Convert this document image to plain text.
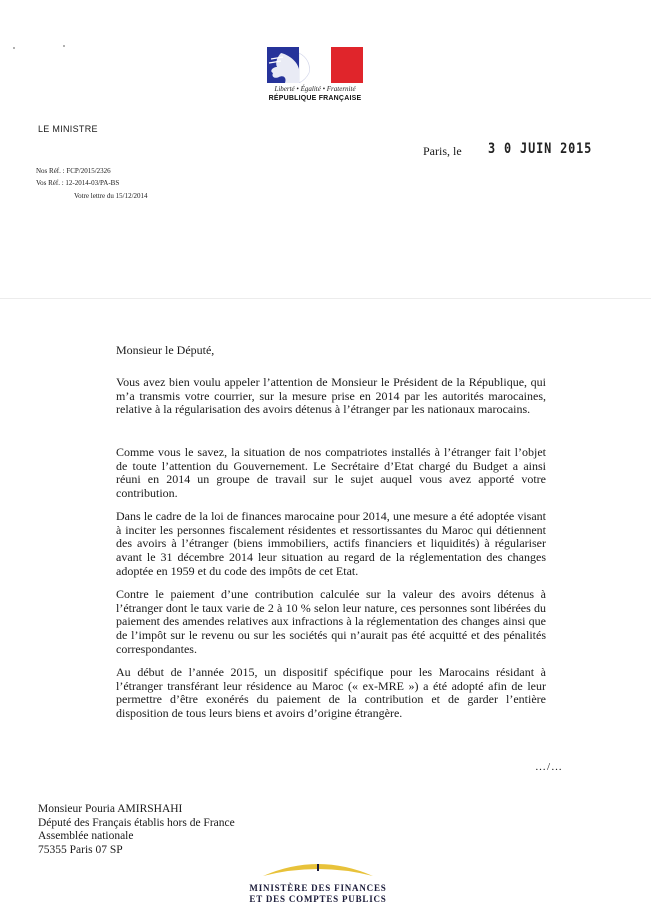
Liberté • Égalité • Fraternité
RÉPUBLIQUE FRANÇAISE
LE MINISTRE
Paris, le 3 0 JUIN 2015
Nos Réf. : FCP/2015/2326
Vos Réf. : 12-2014-03/PA-BS
Votre lettre du 15/12/2014
Monsieur le Député,
Vous avez bien voulu appeler l’attention de Monsieur le Président de la République, qui m’a transmis votre courrier, sur la mesure prise en 2014 par les autorités marocaines, relative à la régularisation des avoirs détenus à l’étranger par les nationaux marocains.
Comme vous le savez, la situation de nos compatriotes installés à l’étranger fait l’objet de toute l’attention du Gouvernement. Le Secrétaire d’Etat chargé du Budget a ainsi réuni en 2014 un groupe de travail sur le sujet auquel vous avez apporté votre contribution.
Dans le cadre de la loi de finances marocaine pour 2014, une mesure a été adoptée visant à inciter les personnes fiscalement résidentes et ressortissantes du Maroc qui détiennent des avoirs à l’étranger (biens immobiliers, actifs financiers et liquidités) à régulariser avant le 31 décembre 2014 leur situation au regard de la réglementation des changes adoptée en 1959 et du code des impôts de cet Etat.
Contre le paiement d’une contribution calculée sur la valeur des avoirs détenus à l’étranger dont le taux varie de 2 à 10 % selon leur nature, ces personnes sont libérées du paiement des amendes relatives aux infractions à la réglementation des changes ainsi que de l’impôt sur le revenu ou sur les sociétés qui n’aurait pas été acquitté et des pénalités correspondantes.
Au début de l’année 2015, un dispositif spécifique pour les Marocains résidant à l’étranger transférant leur résidence au Maroc (« ex-MRE ») a été adopté afin de leur permettre d’être exonérés du paiement de la contribution et de garder l’entière disposition de tous leurs biens et avoirs d’origine étrangère.
…/…
Monsieur Pouria AMIRSHAHI
Député des Français établis hors de France
Assemblée nationale
75355 Paris 07 SP
MINISTÈRE DES FINANCES
ET DES COMPTES PUBLICS
